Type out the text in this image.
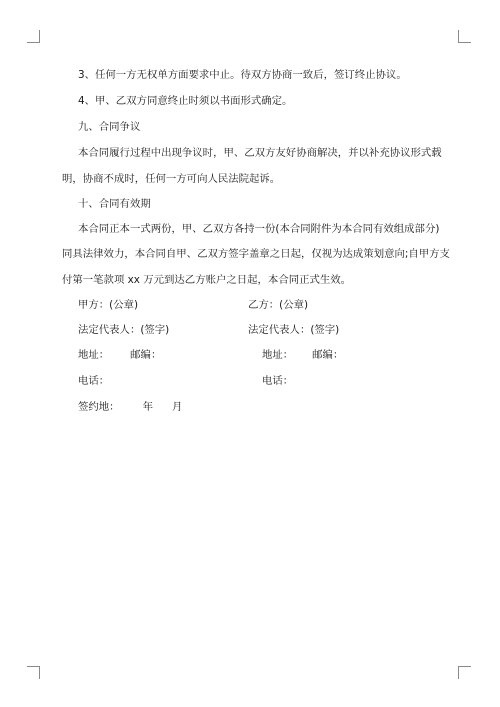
3、任何一方无权单方面要求中止。待双方协商一致后，签订终止协议。
4、甲、乙双方同意终止时须以书面形式确定。
九、合同争议
本合同履行过程中出现争议时，甲、乙双方友好协商解决，并以补充协议形式载
明，协商不成时，任何一方可向人民法院起诉。
十、合同有效期
本合同正本一式两份，甲、乙双方各持一份(本合同附件为本合同有效组成部分)
同具法律效力，本合同自甲、乙双方签字盖章之日起，仅视为达成策划意向;自甲方支
付第一笔款项 xx 万元到达乙方账户之日起，本合同正式生效。
甲方：(公章)	乙方：(公章)
法定代表人：(签字)	法定代表人：(签字)
地址： 邮编：	地址： 邮编：
电话：	电话：
签约地： 年 月
